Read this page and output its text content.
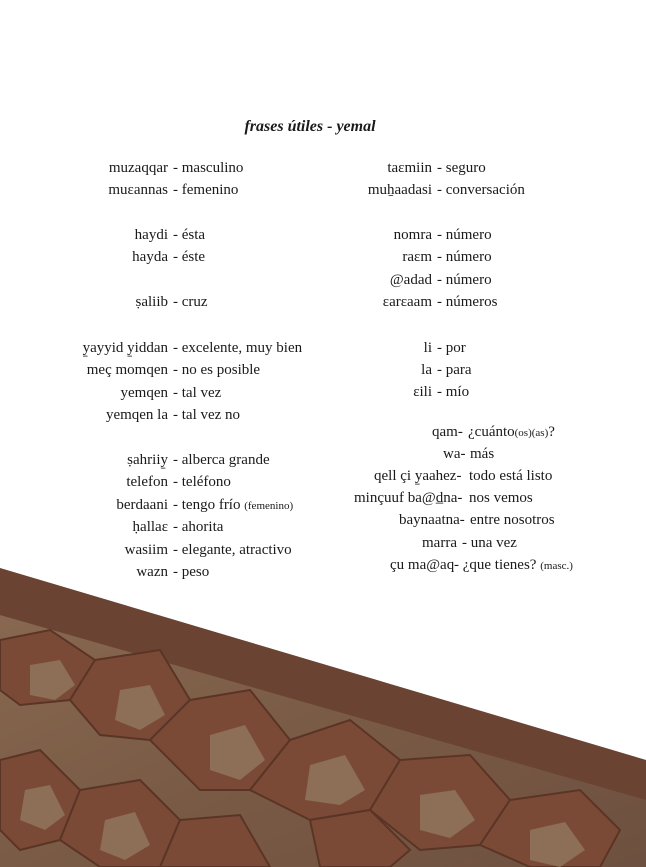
frases útiles - yemal
muzaqqar - masculino
muɛannas - femenino
haydi - ésta
hayda - éste
ṣaliib - cruz
y̱ayyid y̱iddan - excelente, muy bien
meç momqen - no es posible
yemqen - tal vez
yemqen la - tal vez no
ṣahriiy̱ - alberca grande
telefon - teléfono
berdaani - tengo frío (femenino)
ḥallaɛ - ahorita
wasiim - elegante, atractivo
wazn - peso
taɛmiin - seguro
muẖaadasi - conversación
nomra - número
raɛm - número
@adad - número
ɛarɛaam - números
li - por
la - para
ɛili - mío
qam- ¿cuánto(os)(as)?
wa- más
qell çi y̱aahez- todo está listo
minçuuf ba@d̲na- nos vemos
baynaatna- entre nosotros
marra - una vez
çu ma@aq - ¿que tienes? (masc.)
